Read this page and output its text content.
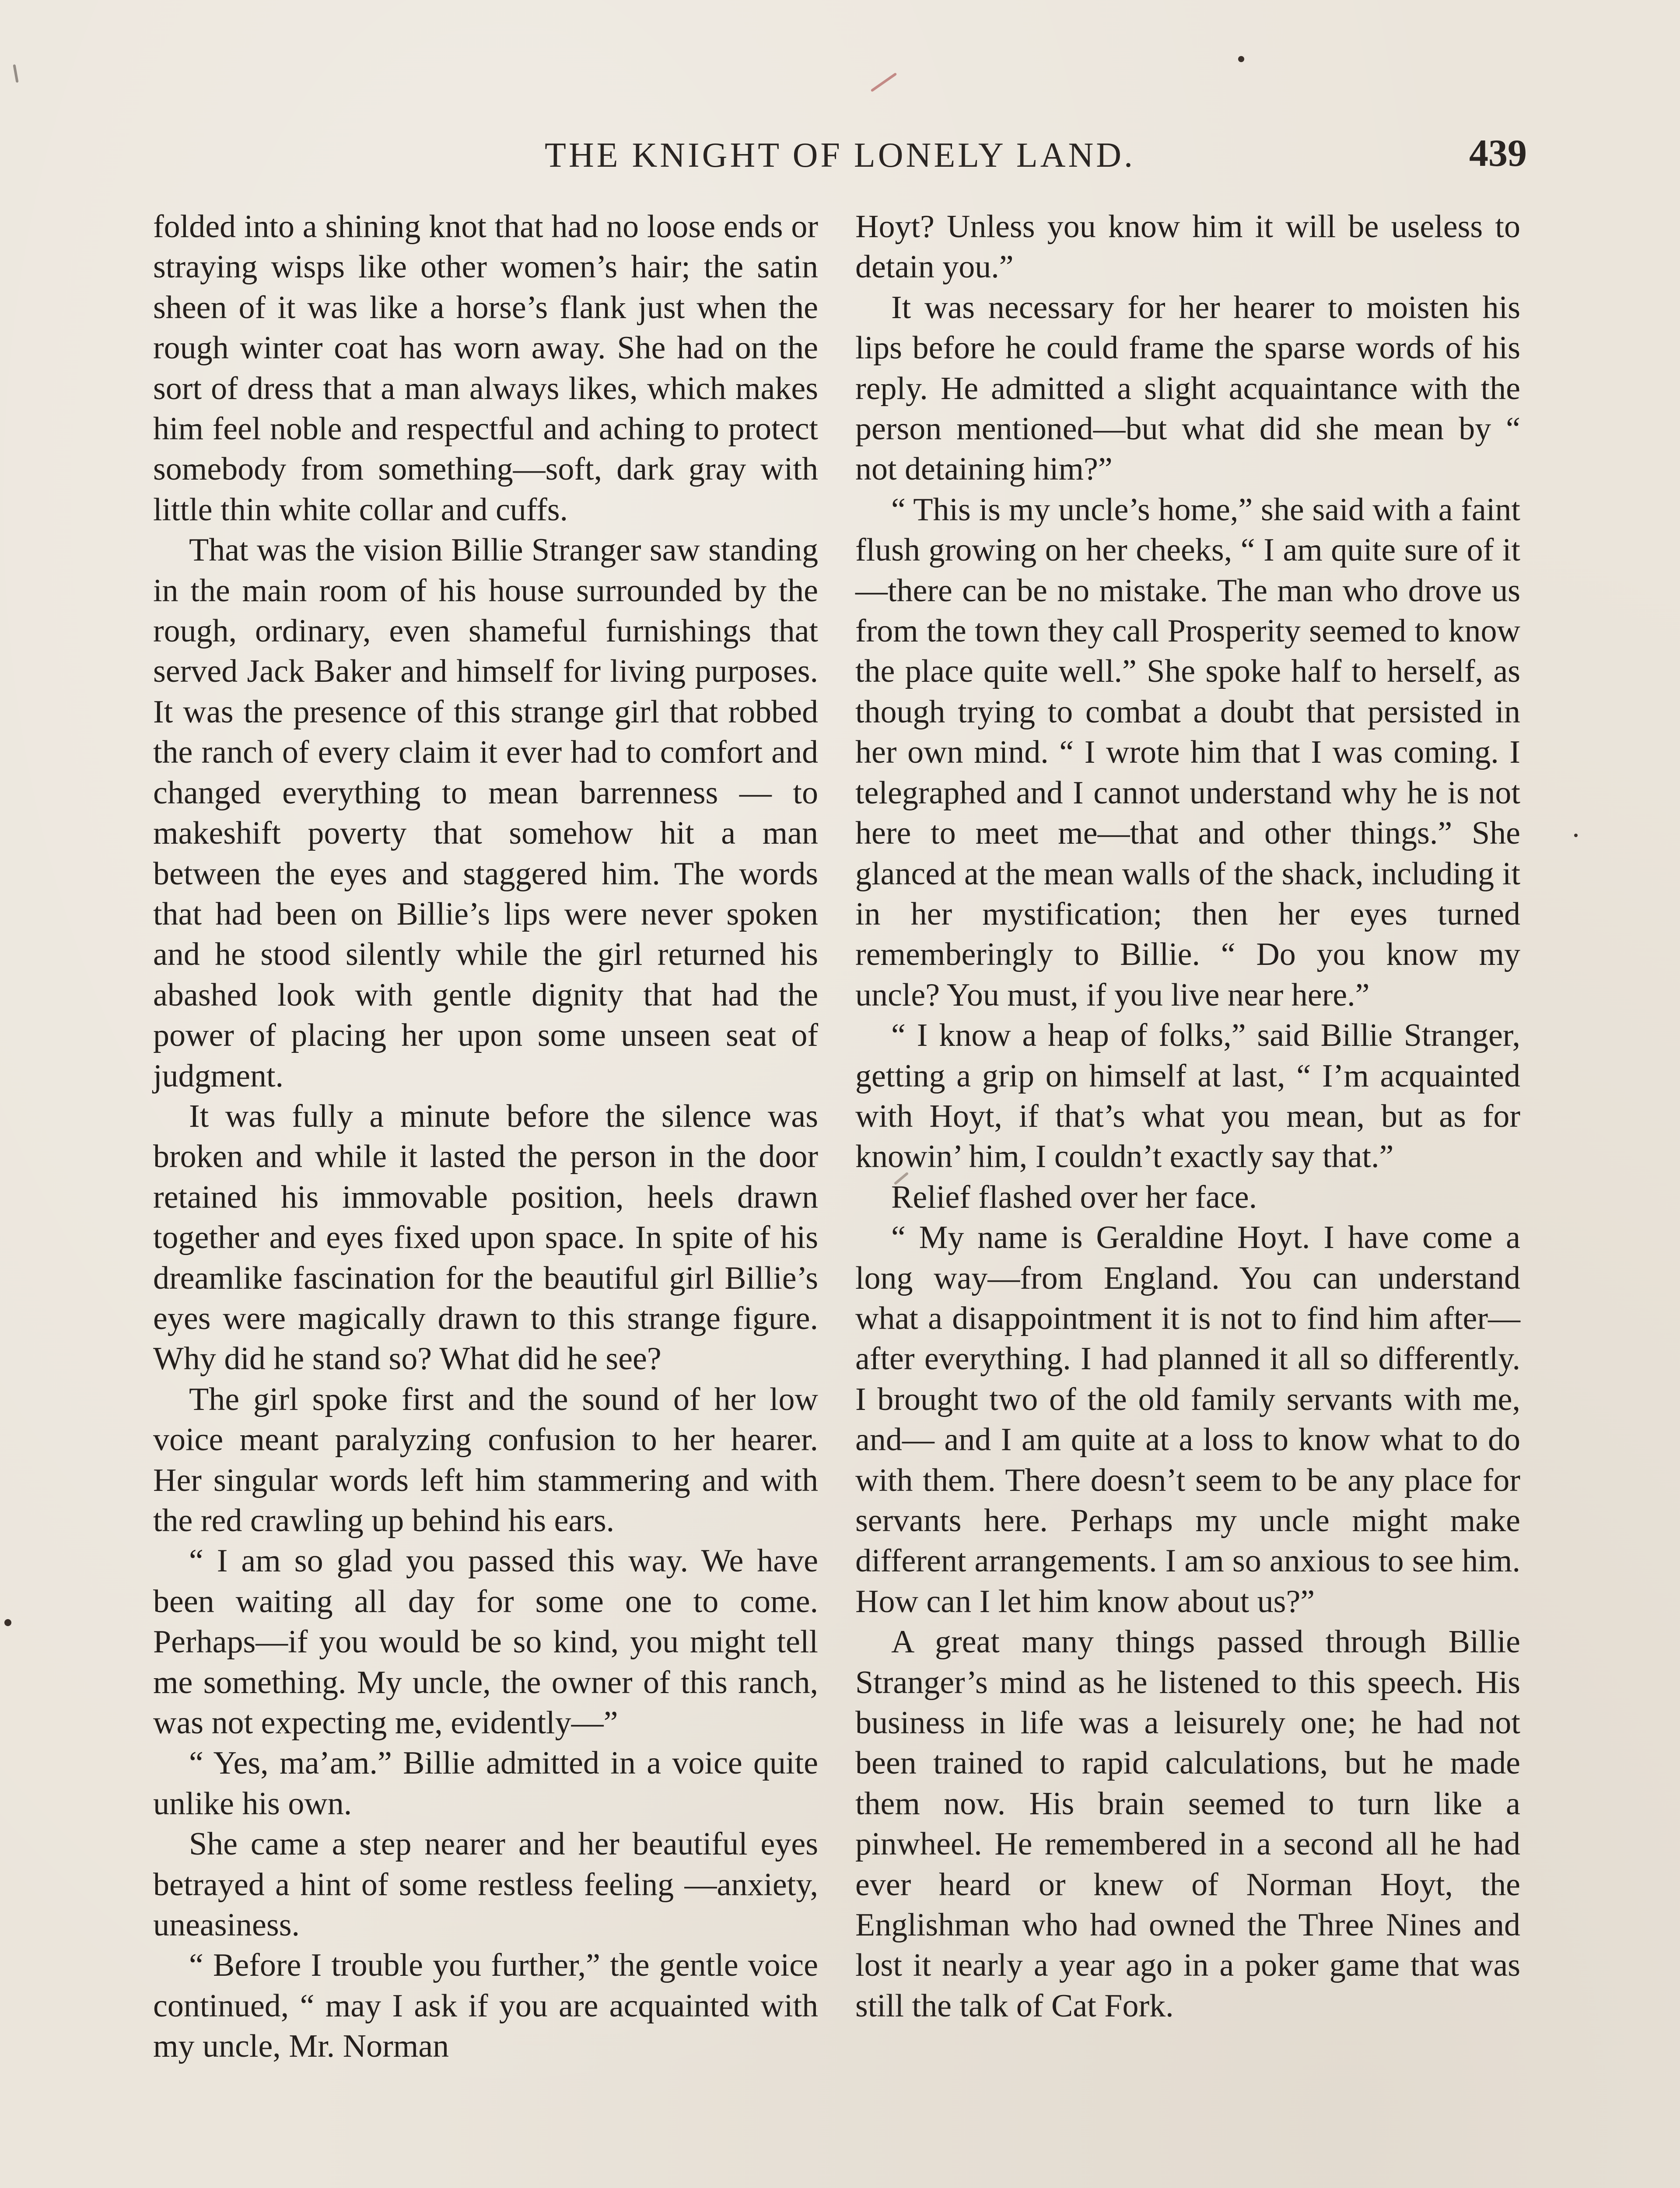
THE KNIGHT OF LONELY LAND.	439

folded into a shining knot that had no loose ends or straying wisps like other women’s hair; the satin sheen of it was like a horse’s flank just when the rough winter coat has worn away. She had on the sort of dress that a man always likes, which makes him feel noble and respectful and aching to protect somebody from something—soft, dark gray with little thin white collar and cuffs.

That was the vision Billie Stranger saw standing in the main room of his house surrounded by the rough, ordinary, even shameful furnishings that served Jack Baker and himself for living purposes. It was the presence of this strange girl that robbed the ranch of every claim it ever had to comfort and changed everything to mean barrenness — to makeshift poverty that somehow hit a man between the eyes and staggered him. The words that had been on Billie’s lips were never spoken and he stood silently while the girl returned his abashed look with gentle dignity that had the power of placing her upon some unseen seat of judgment.

It was fully a minute before the silence was broken and while it lasted the person in the door retained his immovable position, heels drawn together and eyes fixed upon space. In spite of his dreamlike fascination for the beautiful girl Billie’s eyes were magically drawn to this strange figure. Why did he stand so? What did he see?

The girl spoke first and the sound of her low voice meant paralyzing confusion to her hearer. Her singular words left him stammering and with the red crawling up behind his ears.

“ I am so glad you passed this way. We have been waiting all day for some one to come. Perhaps—if you would be so kind, you might tell me something. My uncle, the owner of this ranch, was not expecting me, evidently—”

“ Yes, ma’am.” Billie admitted in a voice quite unlike his own.

She came a step nearer and her beautiful eyes betrayed a hint of some restless feeling —anxiety, uneasiness.

“ Before I trouble you further,” the gentle voice continued, “ may I ask if you are acquainted with my uncle, Mr. Norman

Hoyt? Unless you know him it will be useless to detain you.”

It was necessary for her hearer to moisten his lips before he could frame the sparse words of his reply. He admitted a slight acquaintance with the person mentioned—but what did she mean by “ not detaining him?”

“ This is my uncle’s home,” she said with a faint flush growing on her cheeks, “ I am quite sure of it—there can be no mistake. The man who drove us from the town they call Prosperity seemed to know the place quite well.” She spoke half to herself, as though trying to combat a doubt that persisted in her own mind. “ I wrote him that I was coming. I telegraphed and I cannot understand why he is not here to meet me—that and other things.” She glanced at the mean walls of the shack, including it in her mystification; then her eyes turned rememberingly to Billie. “ Do you know my uncle? You must, if you live near here.”

“ I know a heap of folks,” said Billie Stranger, getting a grip on himself at last, “ I’m acquainted with Hoyt, if that’s what you mean, but as for knowin’ him, I couldn’t exactly say that.”

Relief flashed over her face.

“ My name is Geraldine Hoyt. I have come a long way—from England. You can understand what a disappointment it is not to find him after—after everything. I had planned it all so differently. I brought two of the old family servants with me, and— and I am quite at a loss to know what to do with them. There doesn’t seem to be any place for servants here. Perhaps my uncle might make different arrangements. I am so anxious to see him. How can I let him know about us?”

A great many things passed through Billie Stranger’s mind as he listened to this speech. His business in life was a leisurely one; he had not been trained to rapid calculations, but he made them now. His brain seemed to turn like a pinwheel. He remembered in a second all he had ever heard or knew of Norman Hoyt, the Englishman who had owned the Three Nines and lost it nearly a year ago in a poker game that was still the talk of Cat Fork.
